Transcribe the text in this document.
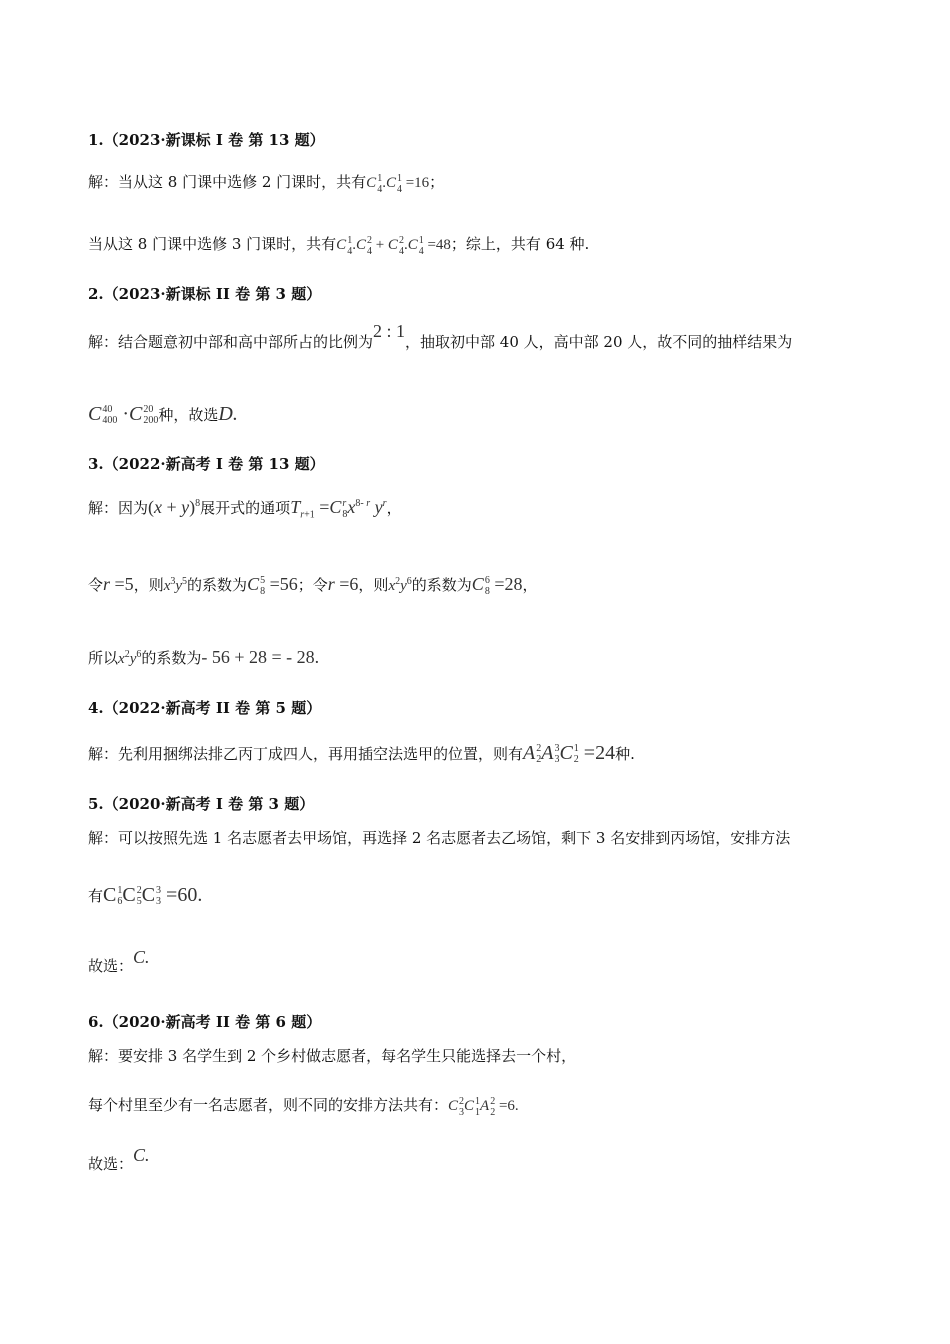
1.（2023·新课标 I 卷 第 13 题）
解：当从这 8 门课中选修 2 门课时，共有C 1
4 .C 1
4 =16；
当从这 8 门课中选修 3 门课时，共有C 1
4 .C 2
4 + C 2
4 .C 1
4 =48；综上，共有 64 种.
2.（2023·新课标 II 卷 第 3 题）
解：结合题意初中部和高中部所占的比例为2 : 1，抽取初中部 40 人，高中部 20 人，故不同的抽样结果为
C 40
400 ·C 20
200 种，故选D.
3.（2022·新高考 I 卷 第 13 题）
解：因为$(x + y)^8$展开式的通项$T_{r+1} =C$ r
8 $x^{8- r}$ $y^r$，
令r =5，则$x^3y^5$的系数为C 5
8 =56；令r =6，则$x^2y^6$的系数为C 6
8 =28，
所以$x^2y^6$的系数为- 56 + 28 = - 28.
4.（2022·新高考 II 卷 第 5 题）
解：先利用捆绑法排乙丙丁成四人，再用插空法选甲的位置，则有A 2
2 A 3
3 C 1
2 =24种.
5.（2020·新高考 I 卷 第 3 题）
解：可以按照先选 1 名志愿者去甲场馆，再选择 2 名志愿者去乙场馆，剩下 3 名安排到丙场馆，安排方法
有C 1
6 C 2
5 C 3
3 =60.
故选：C.
6.（2020·新高考 II 卷 第 6 题）
解：要安排 3 名学生到 2 个乡村做志愿者，每名学生只能选择去一个村，
每个村里至少有一名志愿者，则不同的安排方法共有：C 2
3 C 1
1 A 2
2 =6.
故选：C.
